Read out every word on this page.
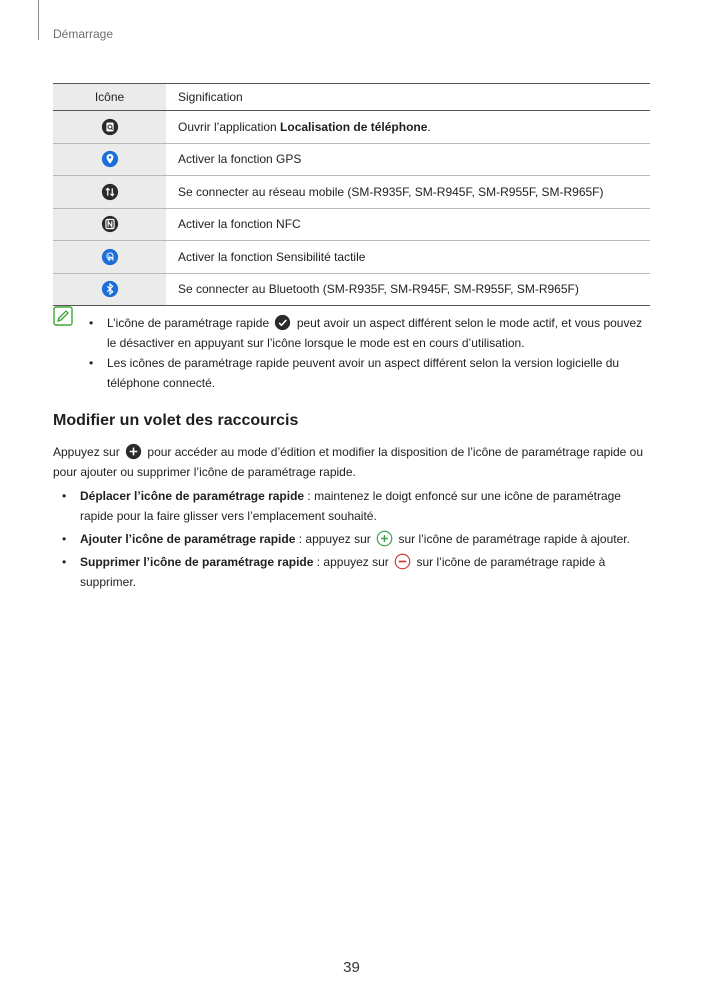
Démarrage
Icône	Signification

	Ouvrir l’application Localisation de téléphone.

	Activer la fonction GPS

	Se connecter au réseau mobile (SM-R935F, SM-R945F, SM-R955F, SM-R965F)

	Activer la fonction NFC

	Activer la fonction Sensibilité tactile

	Se connecter au Bluetooth (SM-R935F, SM-R945F, SM-R955F, SM-R965F)
• L’icône de paramétrage rapide peut avoir un aspect différent selon le mode actif, et vous pouvez le désactiver en appuyant sur l’icône lorsque le mode est en cours d’utilisation.
• Les icônes de paramétrage rapide peuvent avoir un aspect différent selon la version logicielle du téléphone connecté.
Modifier un volet des raccourcis
Appuyez sur pour accéder au mode d’édition et modifier la disposition de l’icône de paramétrage rapide ou pour ajouter ou supprimer l’icône de paramétrage rapide.
• Déplacer l’icône de paramétrage rapide : maintenez le doigt enfoncé sur une icône de paramétrage rapide pour la faire glisser vers l’emplacement souhaité.
• Ajouter l’icône de paramétrage rapide : appuyez sur sur l’icône de paramétrage rapide à ajouter.
• Supprimer l’icône de paramétrage rapide : appuyez sur sur l’icône de paramétrage rapide à supprimer.
39
